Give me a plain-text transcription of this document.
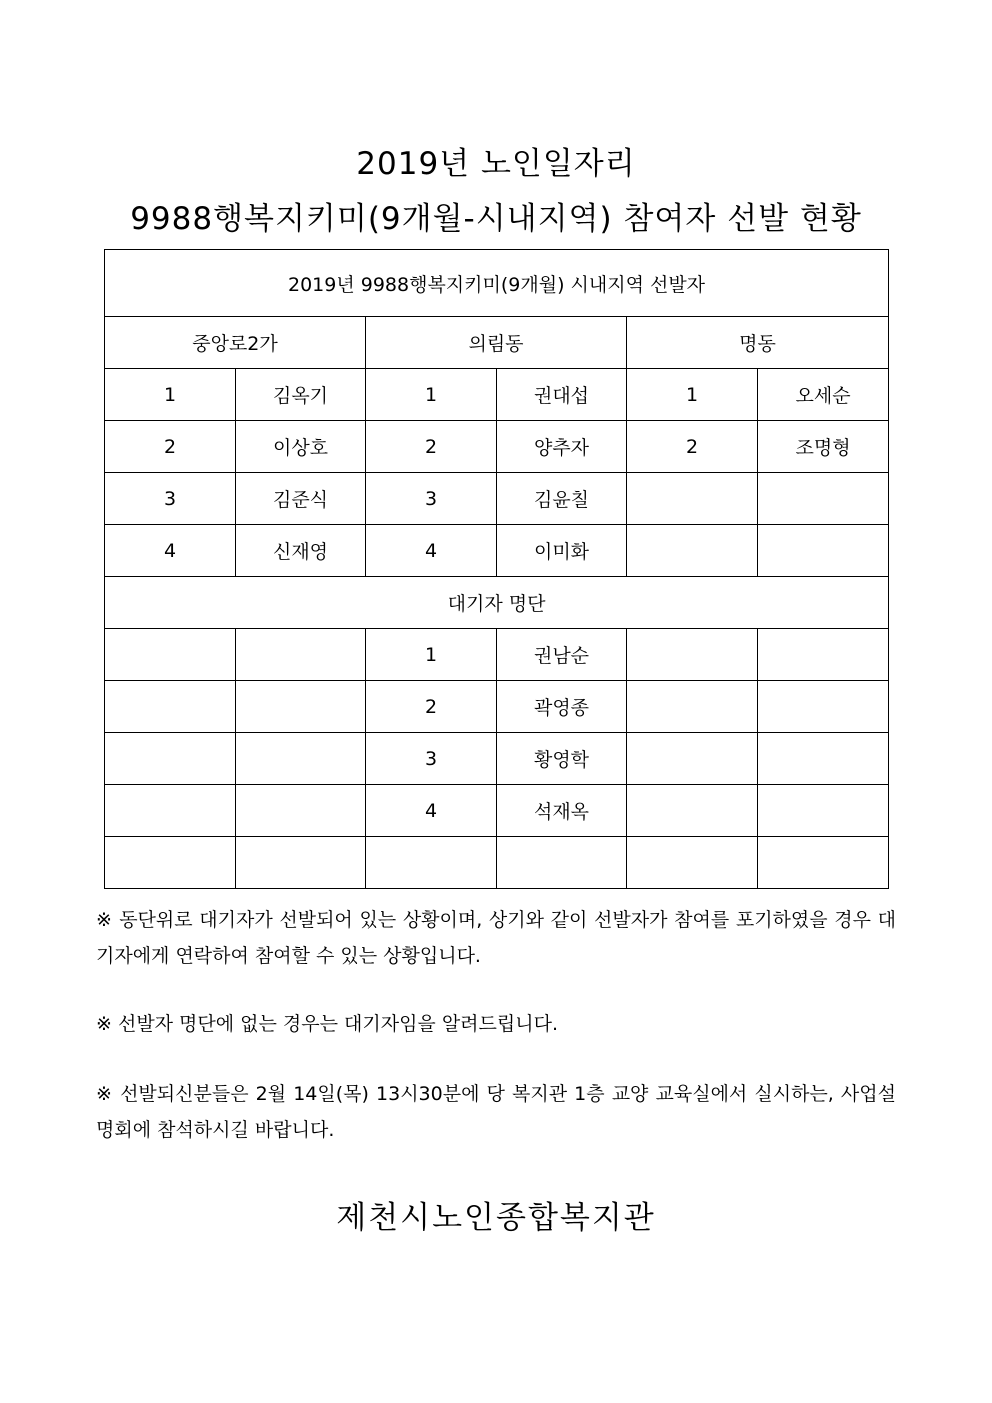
2019년 노인일자리
9988행복지키미(9개월-시내지역) 참여자 선발 현황
2019년 9988행복지키미(9개월) 시내지역 선발자					
중앙로2가		의림동		명동	
1	김옥기	1	권대섭	1	오세순
2	이상호	2	양추자	2	조명형
3	김준식	3	김윤칠		
4	신재영	4	이미화		
대기자 명단					
		1	권남순		
		2	곽영종		
		3	황영학		
		4	석재옥		

※ 동단위로 대기자가 선발되어 있는 상황이며, 상기와 같이 선발자가 참여를 포기하였을 경우 대기자에게 연락하여 참여할 수 있는 상황입니다.
※ 선발자 명단에 없는 경우는 대기자임을 알려드립니다.
※ 선발되신분들은 2월 14일(목) 13시30분에 당 복지관 1층 교양 교육실에서 실시하는, 사업설명회에 참석하시길 바랍니다.
제천시노인종합복지관
